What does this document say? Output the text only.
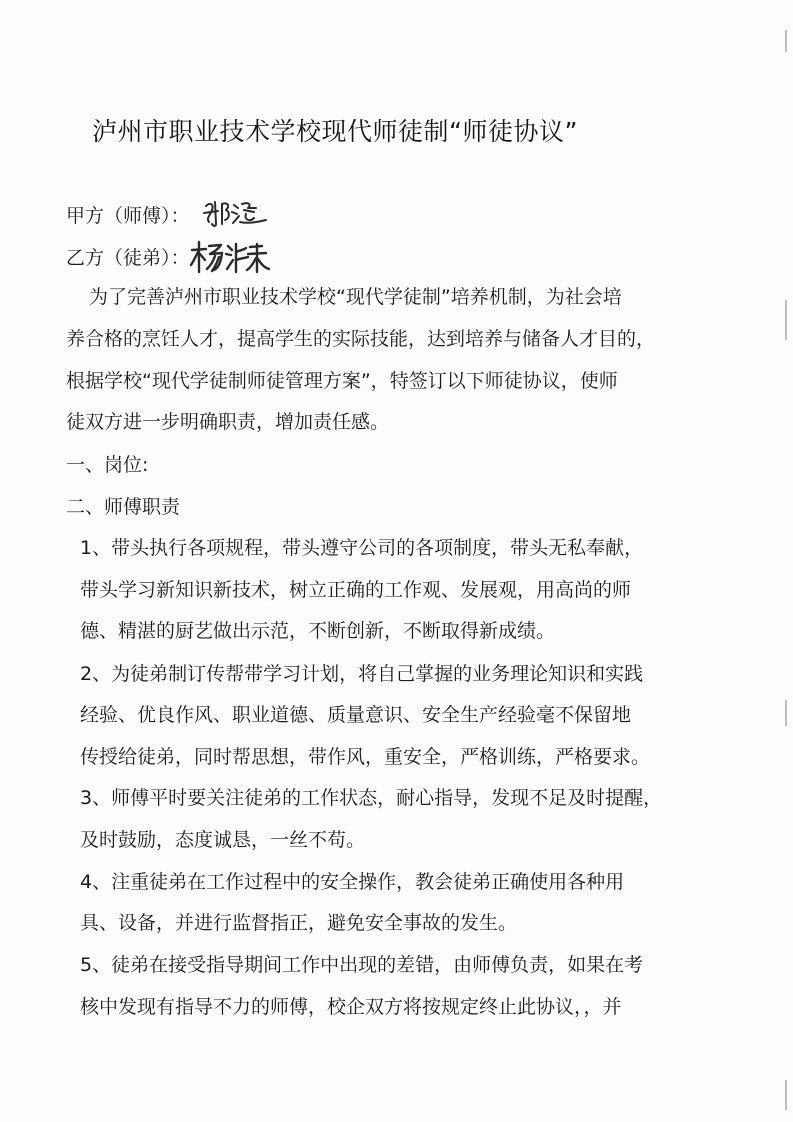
泸州市职业技术学校现代师徒制“师徒协议”
甲方（师傅）：
乙方（徒弟）：
为了完善泸州市职业技术学校“现代学徒制”培养机制，为社会培
养合格的烹饪人才，提高学生的实际技能，达到培养与储备人才目的，
根据学校“现代学徒制师徒管理方案”，特签订以下师徒协议，使师
徒双方进一步明确职责，增加责任感。
一、岗位:
二、师傅职责
1、带头执行各项规程，带头遵守公司的各项制度，带头无私奉献，
带头学习新知识新技术，树立正确的工作观、发展观，用高尚的师
德、精湛的厨艺做出示范，不断创新，不断取得新成绩。
2、为徒弟制订传帮带学习计划，将自己掌握的业务理论知识和实践
经验、优良作风、职业道德、质量意识、安全生产经验毫不保留地
传授给徒弟，同时帮思想，带作风，重安全，严格训练，严格要求。
3、师傅平时要关注徒弟的工作状态，耐心指导，发现不足及时提醒，
及时鼓励，态度诚恳，一丝不苟。
4、注重徒弟在工作过程中的安全操作，教会徒弟正确使用各种用
具、设备，并进行监督指正，避免安全事故的发生。
5、徒弟在接受指导期间工作中出现的差错，由师傅负责，如果在考
核中发现有指导不力的师傅，校企双方将按规定终止此协议，，并
